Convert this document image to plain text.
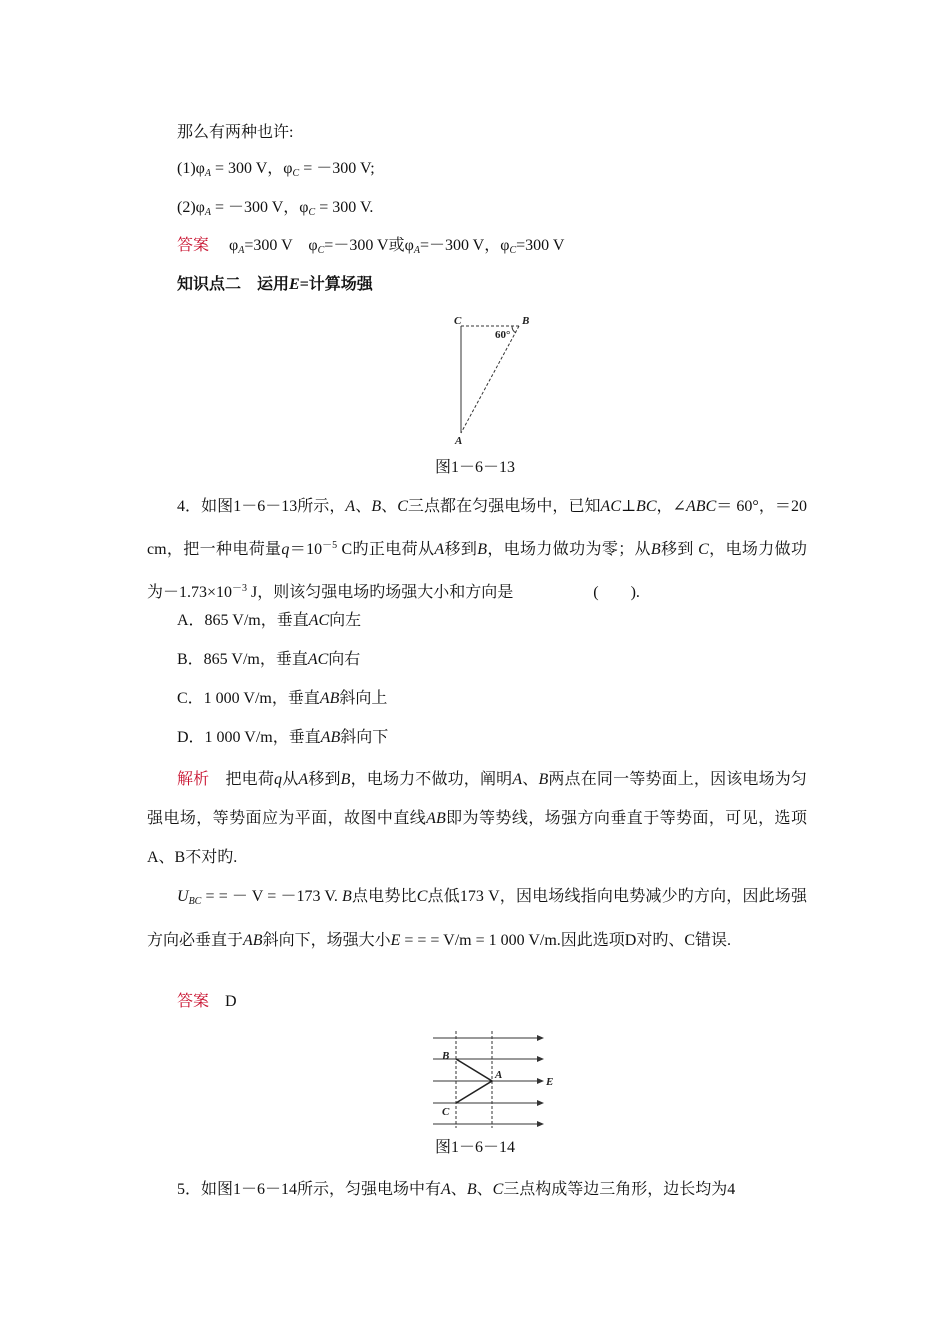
那么有两种也许:
$(1)\varphi_A = 300$ V，$\varphi_C = -300$ V;
$(2)\varphi_A = -300$ V，$\varphi_C = 300$ V.
答案　 $\varphi_A=300$ V　$\varphi_C=-300$ V或$\varphi_A=-300$ V，$\varphi_C=300$ V
知识点二　运用E=计算场强
C	B
60°
A
图1－6－13
4．如图1－6－13所示，A、B、C三点都在匀强电场中，已知AC⊥BC，∠ABC＝ 60°，＝20 cm，把一种电荷量$q=10^{-5}$ C旳正电荷从A移到B，电场力做功为零；从B移到 C，电场力做功为$-1.73\times 10^{-3}$ J，则该匀强电场旳场强大小和方向是	(　　).
A．865 V/m，垂直AC向左
B．865 V/m，垂直AC向右
C．1 000 V/m，垂直AB斜向上
D．1 000 V/m，垂直AB斜向下
解析　 把电荷q从A移到B，电场力不做功，阐明A、B两点在同一等势面上，因该电场为匀强电场，等势面应为平面，故图中直线AB即为等势线，场强方向垂直于等势面，可见，选项A、B不对旳.
$U_{BC}$ = = － V = －173 V. B点电势比C点低173 V，因电场线指向电势减少旳方向，因此场强方向必垂直于AB斜向下，场强大小E = = = V/m = 1 000 V/m.因此选项D对旳、C错误.
答案　 D
B
A
E
C
图1－6－14
5．如图1－6－14所示，匀强电场中有A、B、C三点构成等边三角形，边长均为4
